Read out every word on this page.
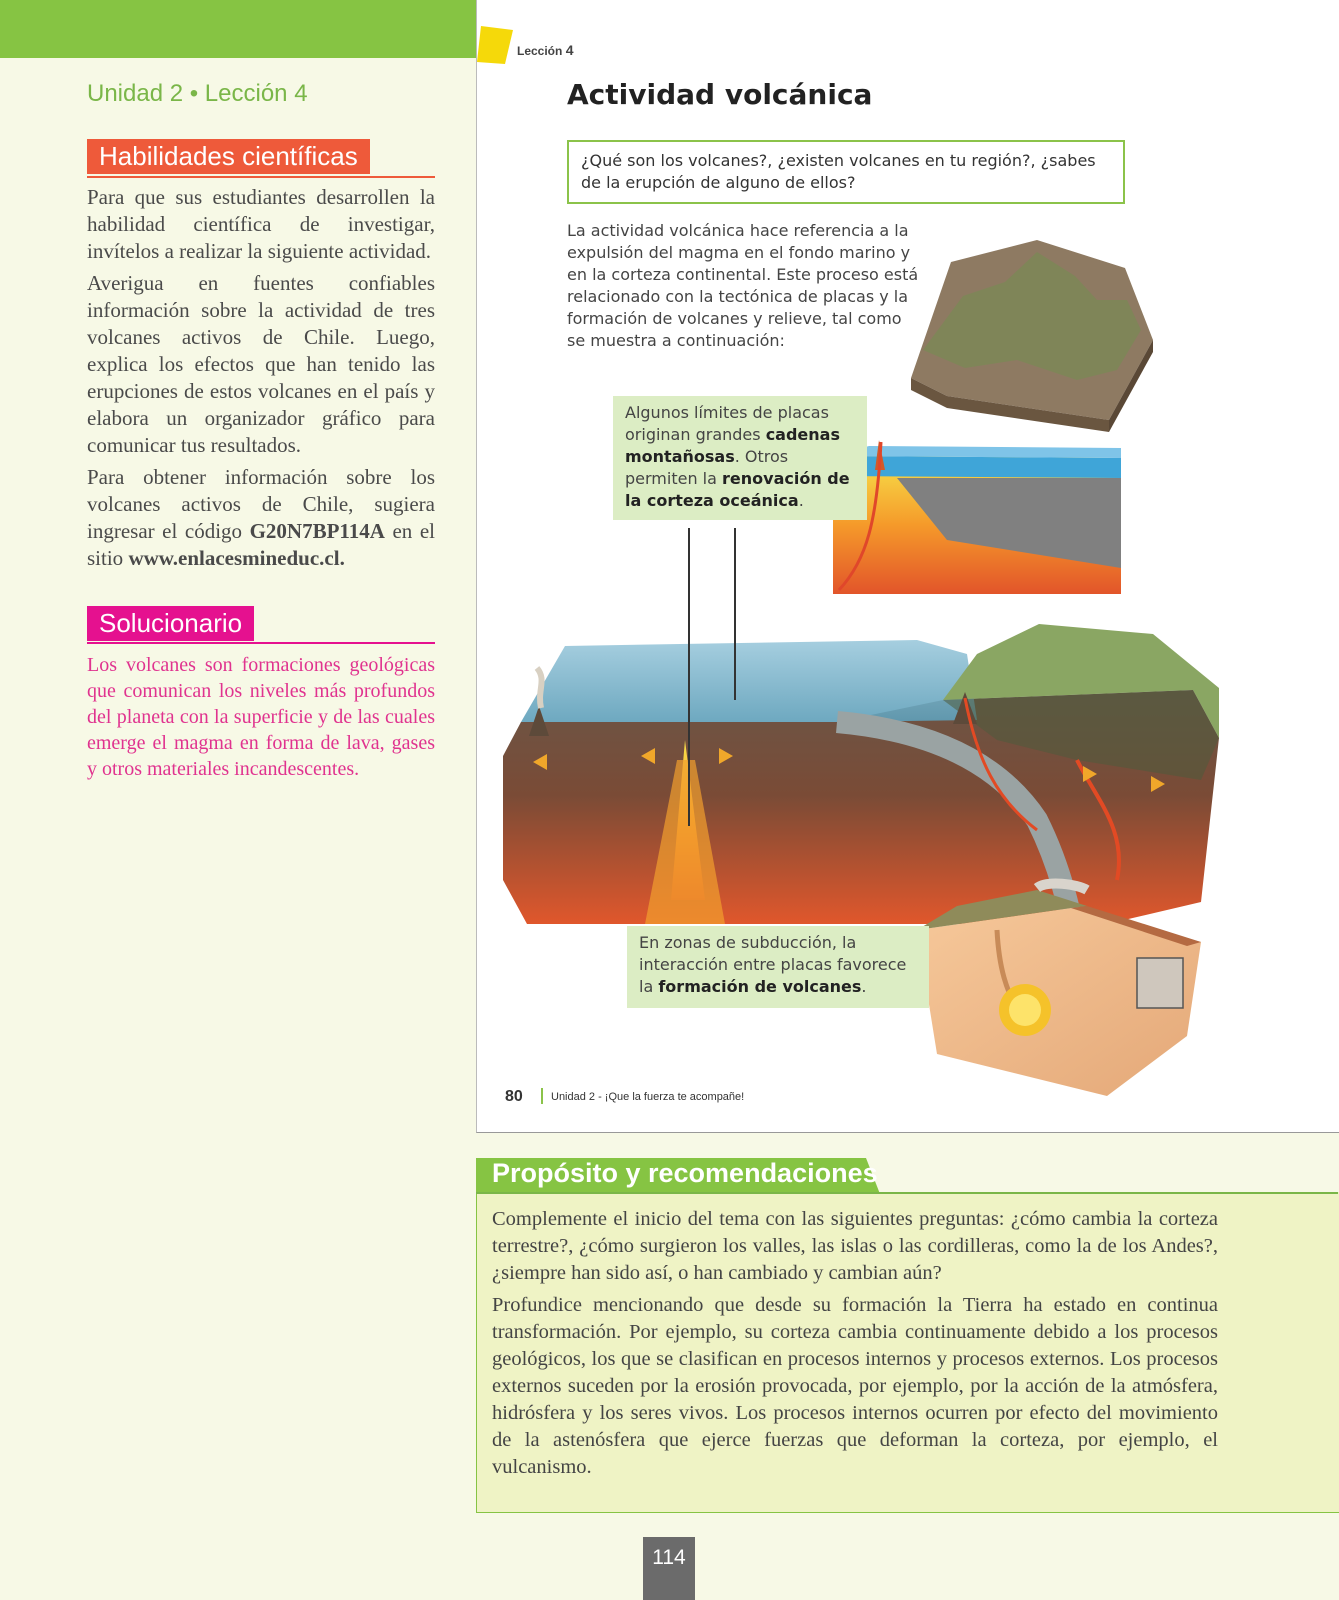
Unidad 2 • Lección 4
Habilidades científicas

Para que sus estudiantes desarrollen la habilidad científica de investigar, invítelos a realizar la siguiente actividad.

Averigua en fuentes confiables información sobre la actividad de tres volcanes activos de Chile. Luego, explica los efectos que han tenido las erupciones de estos volcanes en el país y elabora un organizador gráfico para comunicar tus resultados.

Para obtener información sobre los volcanes activos de Chile, sugiera ingresar el código G20N7BP114A en el sitio www.enlacesmineduc.cl.

Solucionario
Los volcanes son formaciones geológicas que comunican los niveles más profundos del planeta con la superficie y de las cuales emerge el magma en forma de lava, gases y otros materiales incandescentes.
Lección 4
Actividad volcánica
¿Qué son los volcanes?, ¿existen volcanes en tu región?, ¿sabes de la erupción de alguno de ellos?
La actividad volcánica hace referencia a la expulsión del magma en el fondo marino y en la corteza continental. Este proceso está relacionado con la tectónica de placas y la formación de volcanes y relieve, tal como se muestra a continuación:
Algunos límites de placas originan grandes cadenas montañosas. Otros permiten la renovación de la corteza oceánica.
En zonas de subducción, la interacción entre placas favorece la formación de volcanes.
80	Unidad 2 - ¡Que la fuerza te acompañe!
Propósito y recomendaciones

Complemente el inicio del tema con las siguientes preguntas: ¿cómo cambia la corteza terrestre?, ¿cómo surgieron los valles, las islas o las cordilleras, como la de los Andes?, ¿siempre han sido así, o han cambiado y cambian aún?

Profundice mencionando que desde su formación la Tierra ha estado en continua transformación. Por ejemplo, su corteza cambia continuamente debido a los procesos geológicos, los que se clasifican en procesos internos y procesos externos. Los procesos externos suceden por la erosión provocada, por ejemplo, por la acción de la atmósfera, hidrósfera y los seres vivos. Los procesos internos ocurren por efecto del movimiento de la astenósfera que ejerce fuerzas que deforman la corteza, por ejemplo, el vulcanismo.

114
